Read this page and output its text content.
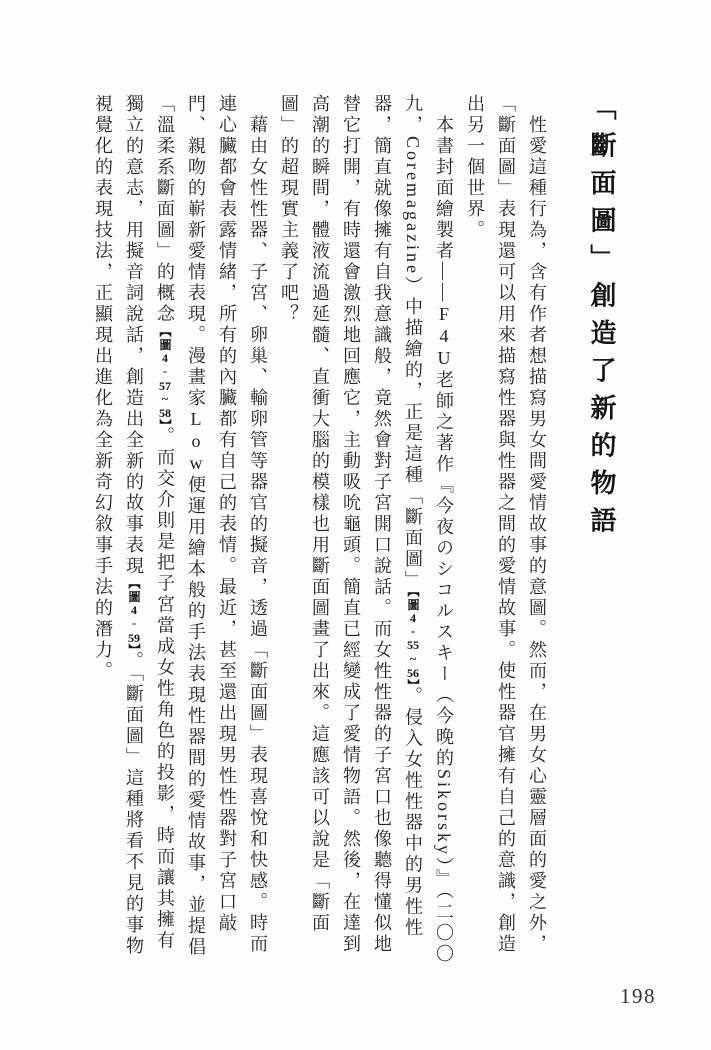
「斷面圖」創造了新的物語

性愛這種行為，含有作者想描寫男女間愛情故事的意圖。然而，在男女心靈層面的愛之外，「斷面圖」表現還可以用來描寫性器與性器之間的愛情故事。使性器官擁有自己的意識，創造出另一個世界。

本書封面繪製者——F4U老師之著作『今夜のシコルスキー（今晚的Sikorsky）』（二〇〇九，Coremagazine）中描繪的，正是這種「斷面圖」【圖4-55~56】。侵入女性性器中的男性性器，簡直就像擁有自我意識般，竟然會對子宮開口說話。而女性性器的子宮口也像聽得懂似地替它打開，有時還會激烈地回應它，主動吸吮龜頭。簡直已經變成了愛情物語。然後，在達到高潮的瞬間，體液流過延髓、直衝大腦的模樣也用斷面圖畫了出來。這應該可以說是「斷面圖」的超現實主義了吧？

藉由女性性器、子宮、卵巢、輸卵管等器官的擬音，透過「斷面圖」表現喜悅和快感。時而連心臟都會表露情緒，所有的內臟都有自己的表情。最近，甚至還出現男性性器對子宮口敲門、親吻的嶄新愛情表現。漫畫家Low便運用繪本般的手法表現性器間的愛情故事，並提倡「溫柔系斷面圖」的概念【圖4-57~58】。而交介則是把子宮當成女性角色的投影，時而讓其擁有獨立的意志，用擬音詞說話，創造出全新的故事表現【圖4-59】。「斷面圖」這種將看不見的事物視覺化的表現技法，正顯現出進化為全新奇幻敘事手法的潛力。

198
